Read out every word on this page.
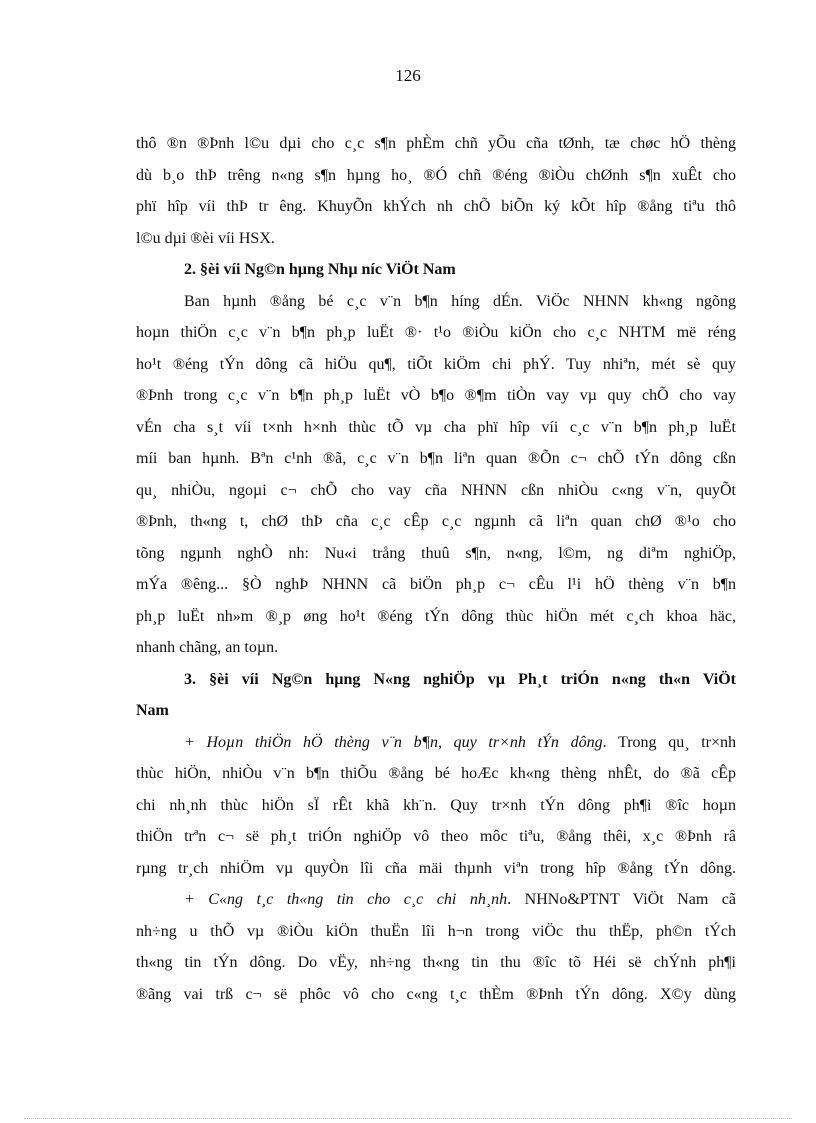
126
thô ®n ®Þnh l©u dµi cho c¸c s¶n phÈm chñ yÕu cña tØnh, tæ chøc hÖ thèng
dù b¸o thÞ trêng n«ng s¶n hµng ho¸ ®Ó chñ ®éng ®iÒu chØnh s¶n xuÊt cho
phï hîp víi thÞ tr êng. KhuyÕn khÝch nh chÕ biÕn ký kÕt hîp ®ång tiªu thô
l©u dµi ®èi víi HSX.
2. §èi víi Ng©n hµng Nhµ níc ViÖt Nam
Ban hµnh ®ång bé c¸c v¨n b¶n híng dÉn. ViÖc NHNN kh«ng ngõng
hoµn thiÖn c¸c v¨n b¶n ph¸p luËt ®· t¹o ®iÒu kiÖn cho c¸c NHTM më réng
ho¹t ®éng tÝn dông cã hiÖu qu¶, tiÕt kiÖm chi phÝ. Tuy nhiªn, mét sè quy
®Þnh trong c¸c v¨n b¶n ph¸p luËt vÒ b¶o ®¶m tiÒn vay vµ quy chÕ cho vay
vÉn cha s¸t víi t×nh h×nh thùc tÕ vµ cha phï hîp víi c¸c v¨n b¶n ph¸p luËt
míi ban hµnh. Bªn c¹nh ®ã, c¸c v¨n b¶n liªn quan ®Õn c¬ chÕ tÝn dông cßn
qu¸ nhiÒu, ngoµi c¬ chÕ cho vay cña NHNN cßn nhiÒu c«ng v¨n, quyÕt
®Þnh, th«ng t, chØ thÞ cña c¸c cÊp c¸c ngµnh cã liªn quan chØ ®¹o cho
tõng ngµnh nghÒ nh: Nu«i trång thuû s¶n, n«ng, l©m, ng diªm nghiÖp,
mÝa ®êng... §Ò nghÞ NHNN cã biÖn ph¸p c¬ cÊu l¹i hÖ thèng v¨n b¶n
ph¸p luËt nh»m ®¸p øng ho¹t ®éng tÝn dông thùc hiÖn mét c¸ch khoa häc,
nhanh chãng, an toµn.
3. §èi víi Ng©n hµng N«ng nghiÖp vµ Ph¸t triÓn n«ng th«n ViÖt
Nam
+ Hoµn thiÖn hÖ thèng v¨n b¶n, quy tr×nh tÝn dông. Trong qu¸ tr×nh
thùc hiÖn, nhiÒu v¨n b¶n thiÕu ®ång bé hoÆc kh«ng thèng nhÊt, do ®ã cÊp
chi nh¸nh thùc hiÖn sÏ rÊt khã kh¨n. Quy tr×nh tÝn dông ph¶i ®îc hoµn
thiÖn trªn c¬ së ph¸t triÓn nghiÖp vô theo môc tiªu, ®ång thêi, x¸c ®Þnh râ
rµng tr¸ch nhiÖm vµ quyÒn lîi cña mäi thµnh viªn trong hîp ®ång tÝn dông.
+ C«ng t¸c th«ng tin cho c¸c chi nh¸nh. NHNo&PTNT ViÖt Nam cã
nh÷ng u thÕ vµ ®iÒu kiÖn thuËn lîi h¬n trong viÖc thu thËp, ph©n tÝch
th«ng tin tÝn dông. Do vËy, nh÷ng th«ng tin thu ®îc tõ Héi së chÝnh ph¶i
®ãng vai trß c¬ së phôc vô cho c«ng t¸c thÈm ®Þnh tÝn dông. X©y dùng
